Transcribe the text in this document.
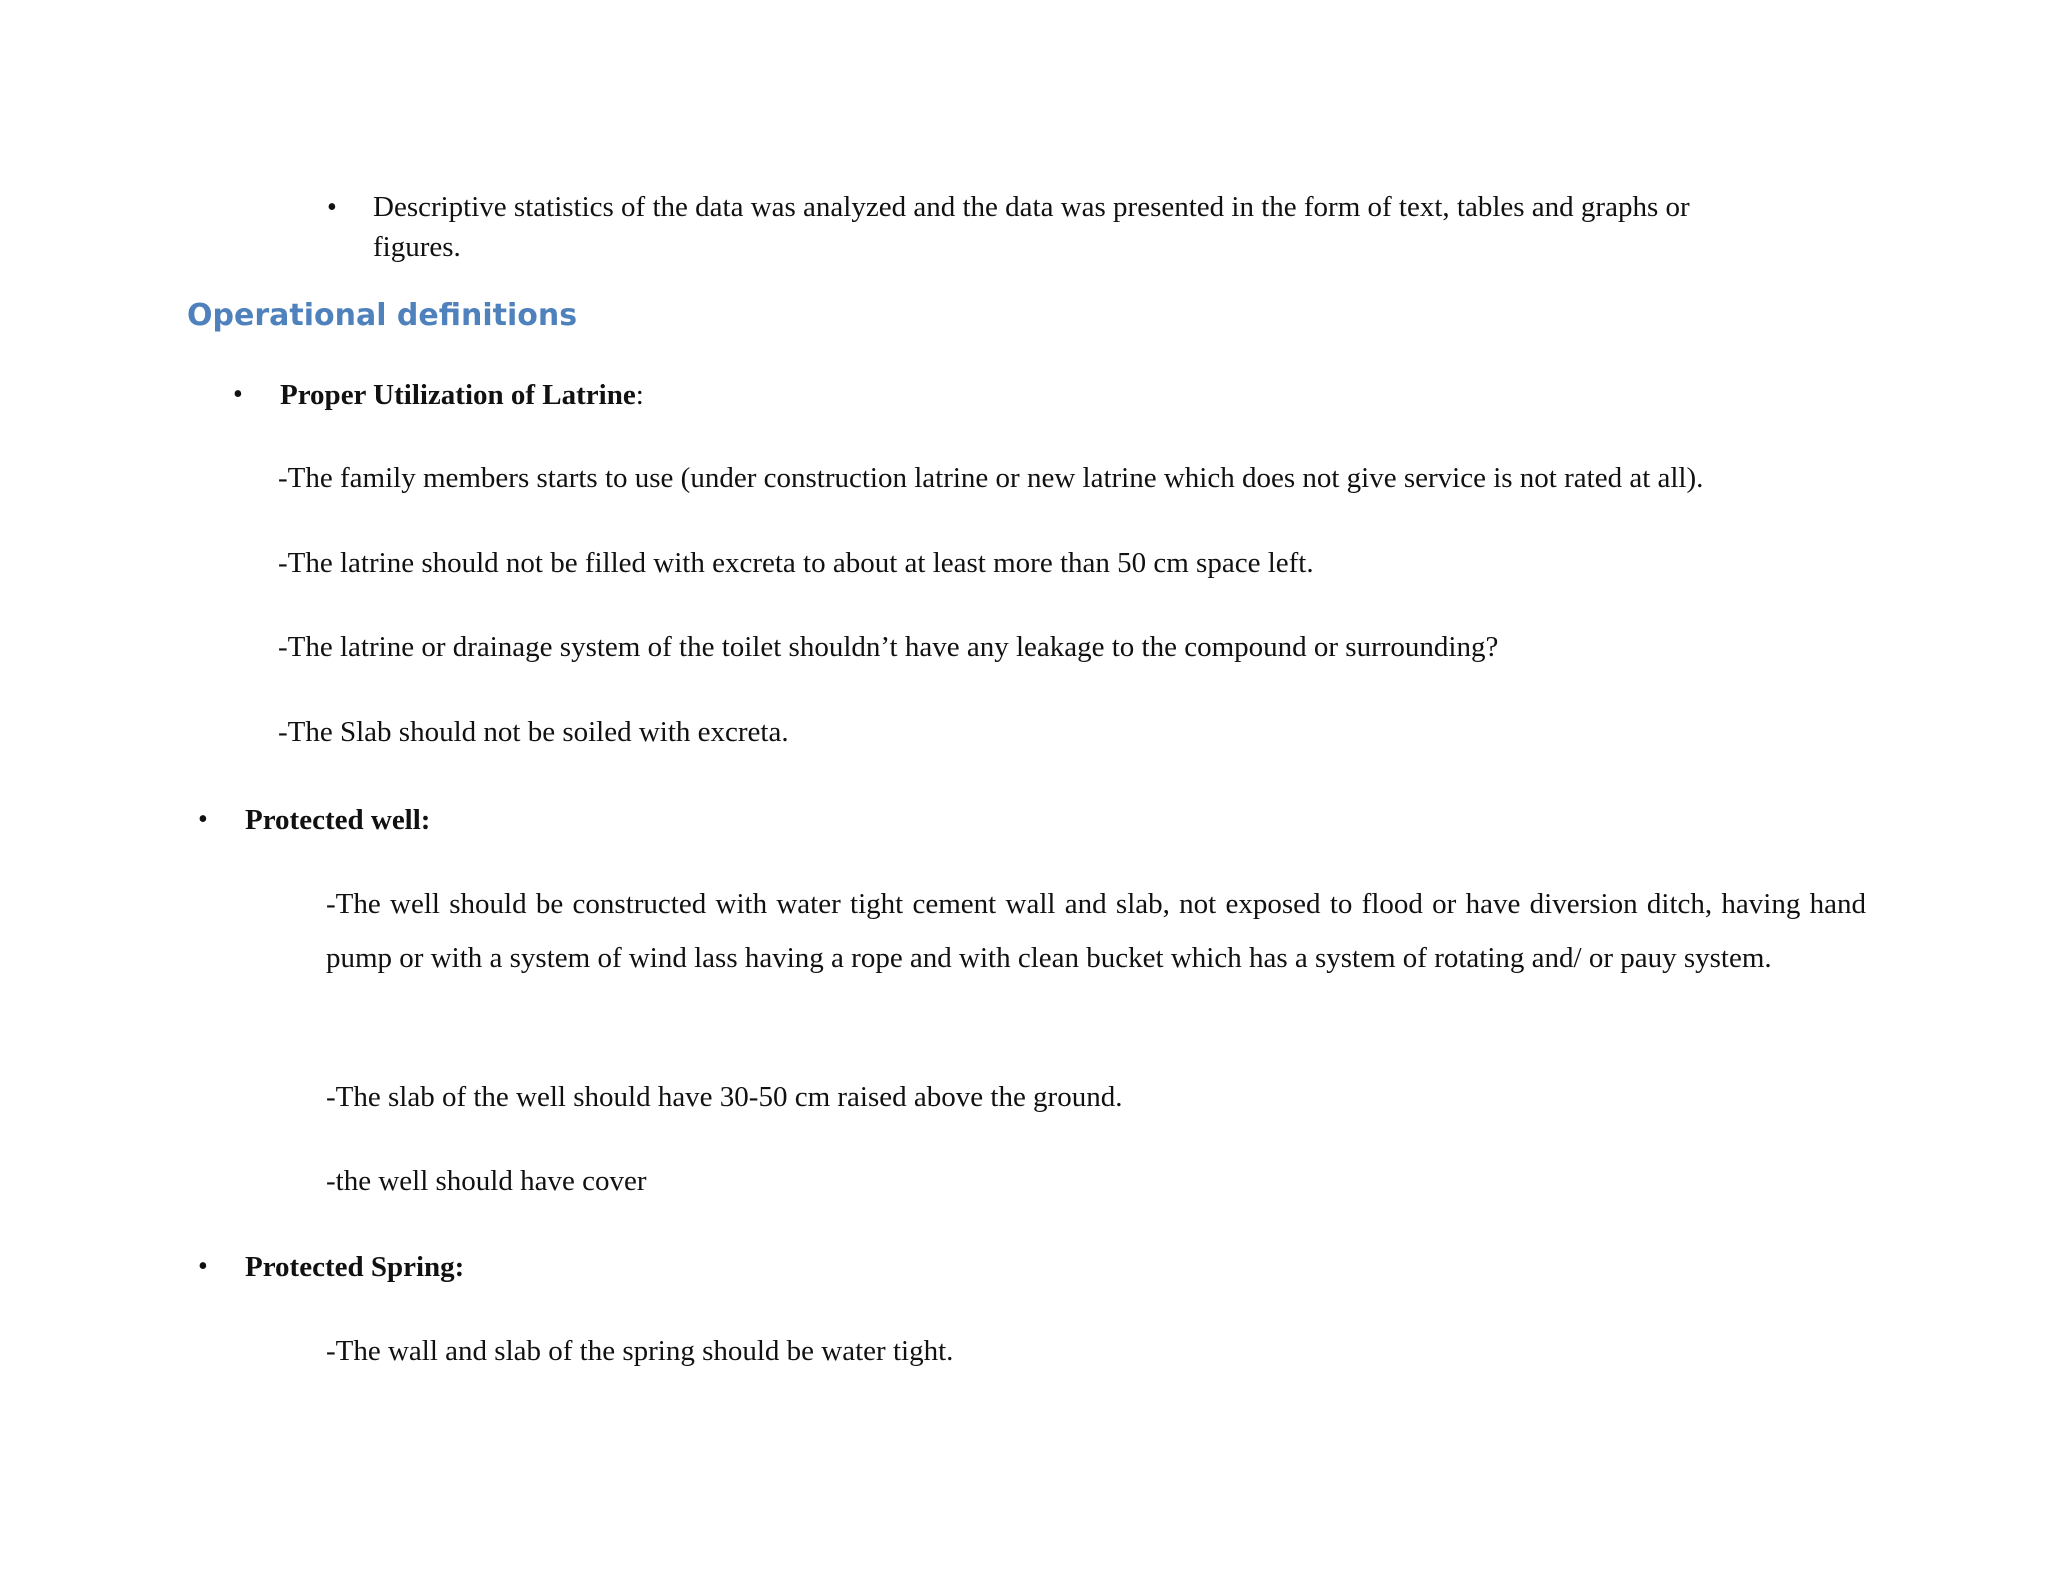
• Descriptive statistics of the data was analyzed and the data was presented in the form of text, tables and graphs or figures.
Operational definitions
• Proper Utilization of Latrine:
-The family members starts to use (under construction latrine or new latrine which does not give service is not rated at all).
-The latrine should not be filled with excreta to about at least more than 50 cm space left.
-The latrine or drainage system of the toilet shouldn’t have any leakage to the compound or surrounding?
-The Slab should not be soiled with excreta.
• Protected well:
-The well should be constructed with water tight cement wall and slab, not exposed to flood or have diversion ditch, having hand pump or with a system of wind lass having a rope and with clean bucket which has a system of rotating and/ or pauy system.
-The slab of the well should have 30-50 cm raised above the ground.
-the well should have cover
• Protected Spring:
-The wall and slab of the spring should be water tight.
